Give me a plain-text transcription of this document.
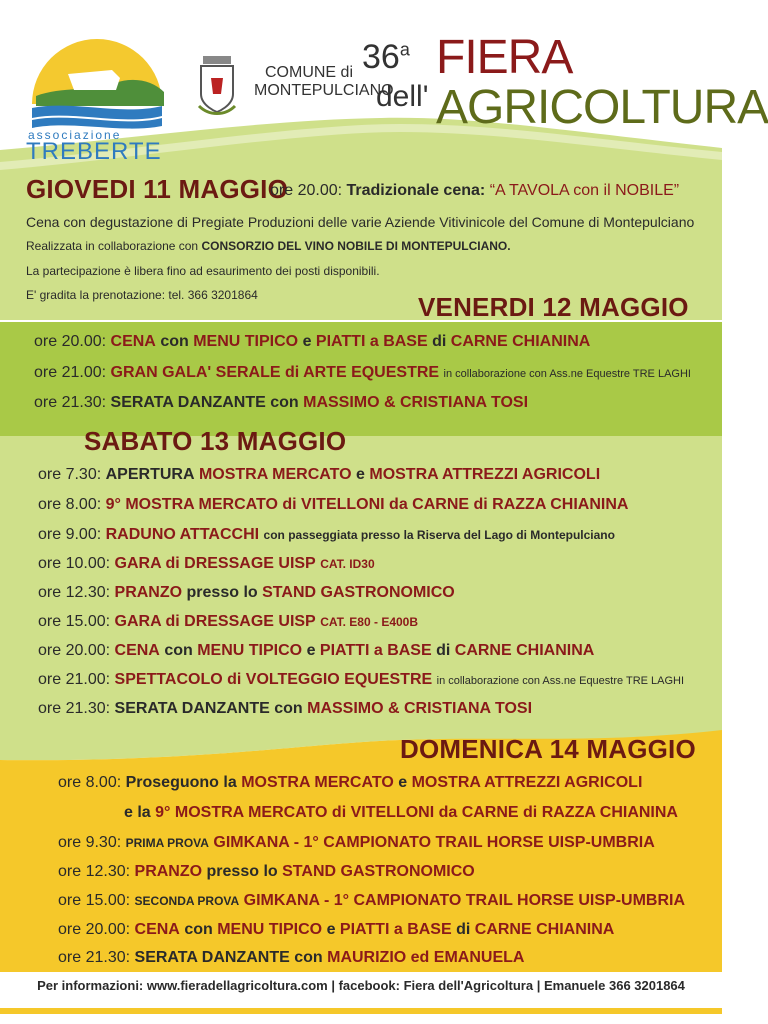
associazione
TREBERTE
COMUNE di
MONTEPULCIANO
36$^a$
dell'
FIERA
AGRICOLTURA
GIOVEDI 11 MAGGIO
ore 20.00: Tradizionale cena: “A TAVOLA con il NOBILE”
Cena con degustazione di Pregiate Produzioni delle varie Aziende Vitivinicole del Comune di Montepulciano
Realizzata in collaborazione con CONSORZIO DEL VINO NOBILE DI MONTEPULCIANO.
La partecipazione è libera fino ad esaurimento dei posti disponibili.
E' gradita la prenotazione: tel. 366 3201864	VENERDI 12 MAGGIO
ore 20.00: CENA con MENU TIPICO e PIATTI a BASE di CARNE CHIANINA
ore 21.00: GRAN GALA' SERALE di ARTE EQUESTRE in collaborazione con Ass.ne Equestre TRE LAGHI
ore 21.30: SERATA DANZANTE con MASSIMO & CRISTIANA TOSI
SABATO 13 MAGGIO
ore 7.30: APERTURA MOSTRA MERCATO e MOSTRA ATTREZZI AGRICOLI
ore 8.00: 9° MOSTRA MERCATO di VITELLONI da CARNE di RAZZA CHIANINA
ore 9.00: RADUNO ATTACCHI con passeggiata presso la Riserva del Lago di Montepulciano
ore 10.00: GARA di DRESSAGE UISP CAT. ID30
ore 12.30: PRANZO presso lo STAND GASTRONOMICO
ore 15.00: GARA di DRESSAGE UISP CAT. E80 - E400B
ore 20.00: CENA con MENU TIPICO e PIATTI a BASE di CARNE CHIANINA
ore 21.00: SPETTACOLO di VOLTEGGIO EQUESTRE in collaborazione con Ass.ne Equestre TRE LAGHI
ore 21.30: SERATA DANZANTE con MASSIMO & CRISTIANA TOSI
DOMENICA 14 MAGGIO
ore 8.00: Proseguono la MOSTRA MERCATO e MOSTRA ATTREZZI AGRICOLI
e la 9° MOSTRA MERCATO di VITELLONI da CARNE di RAZZA CHIANINA
ore 9.30: PRIMA PROVA GIMKANA - 1° CAMPIONATO TRAIL HORSE UISP-UMBRIA
ore 12.30: PRANZO presso lo STAND GASTRONOMICO
ore 15.00: SECONDA PROVA GIMKANA - 1° CAMPIONATO TRAIL HORSE UISP-UMBRIA
ore 20.00: CENA con MENU TIPICO e PIATTI a BASE di CARNE CHIANINA
ore 21.30: SERATA DANZANTE con MAURIZIO ed EMANUELA
Per informazioni: www.fieradellagricoltura.com | facebook: Fiera dell'Agricoltura | Emanuele 366 3201864
